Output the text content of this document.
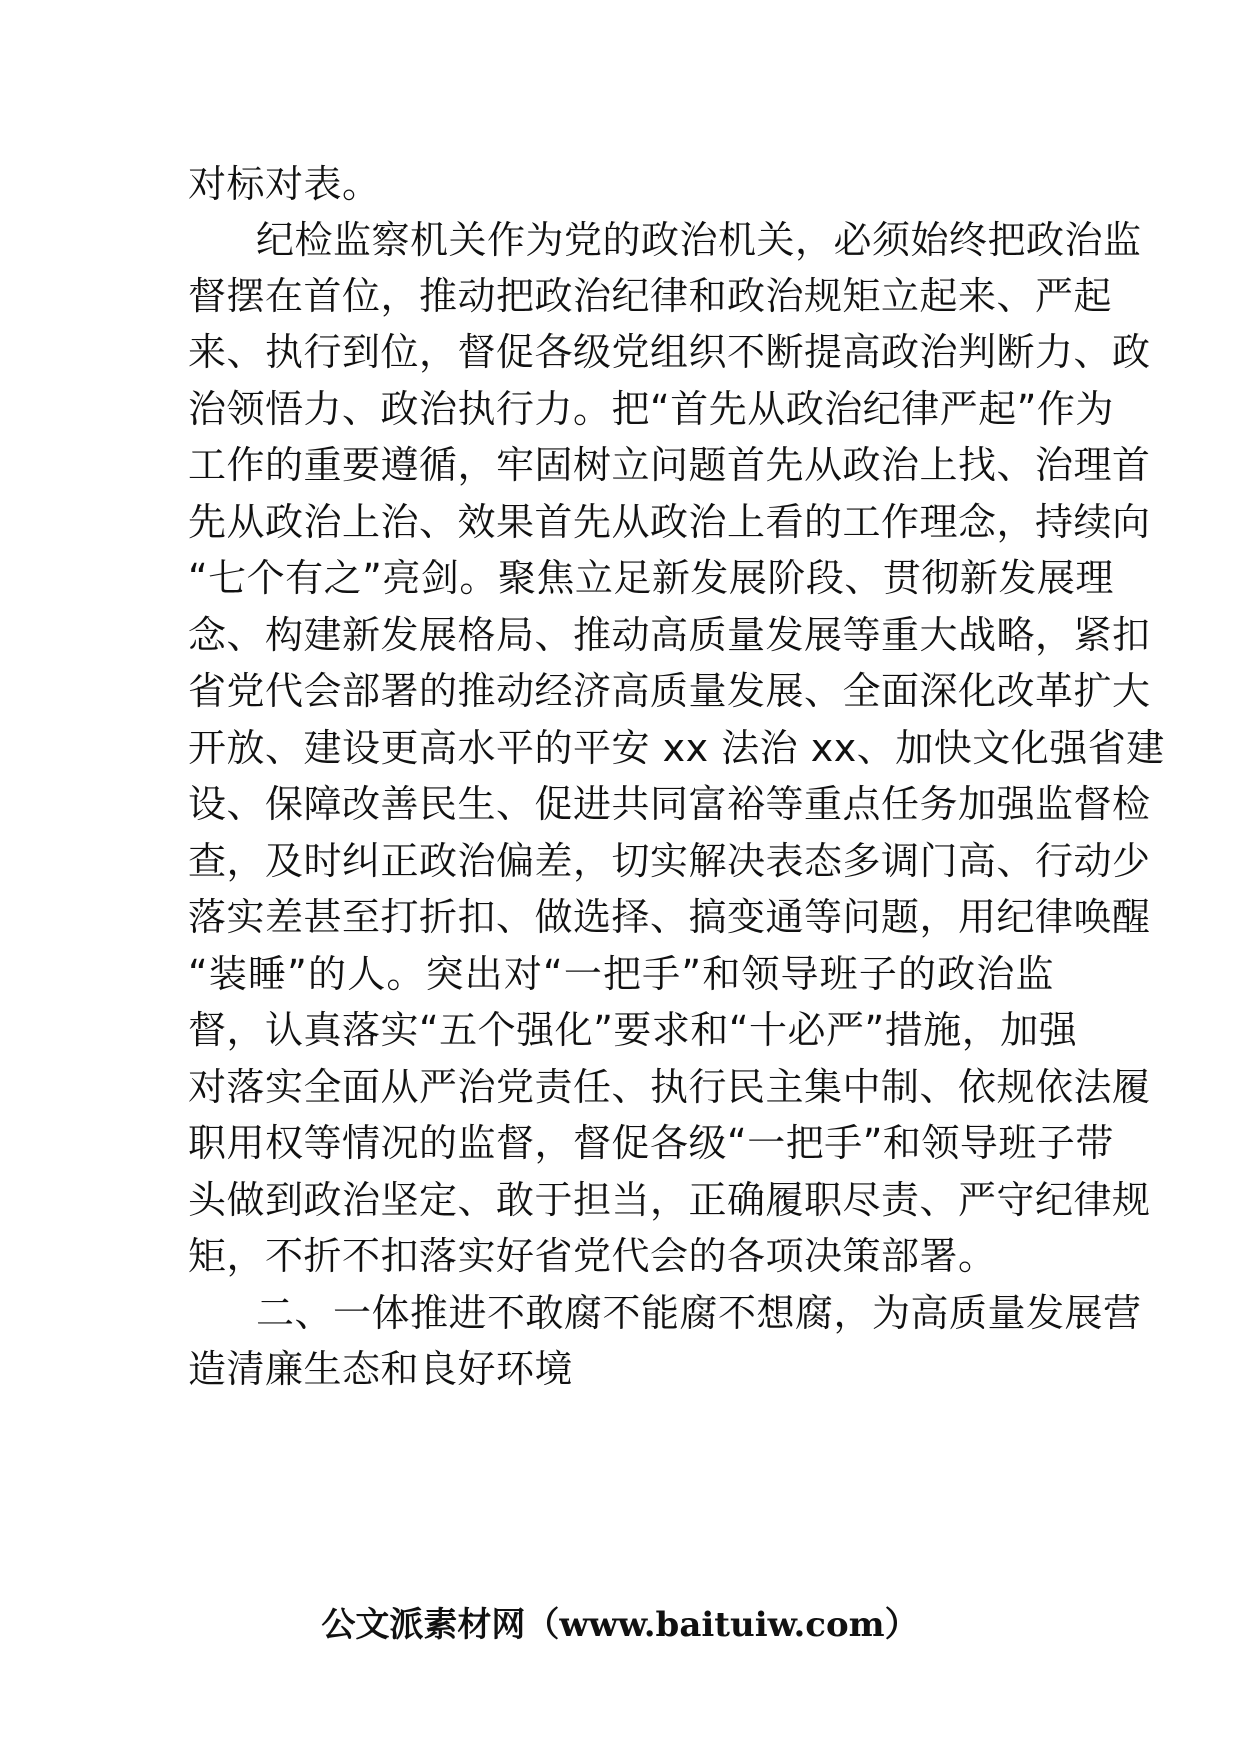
对标对表。
纪检监察机关作为党的政治机关，必须始终把政治监
督摆在首位，推动把政治纪律和政治规矩立起来、严起
来、执行到位，督促各级党组织不断提高政治判断力、政
治领悟力、政治执行力。把“首先从政治纪律严起”作为
工作的重要遵循，牢固树立问题首先从政治上找、治理首
先从政治上治、效果首先从政治上看的工作理念，持续向
“七个有之”亮剑。聚焦立足新发展阶段、贯彻新发展理
念、构建新发展格局、推动高质量发展等重大战略，紧扣
省党代会部署的推动经济高质量发展、全面深化改革扩大
开放、建设更高水平的平安 xx 法治 xx、加快文化强省建
设、保障改善民生、促进共同富裕等重点任务加强监督检
查，及时纠正政治偏差，切实解决表态多调门高、行动少
落实差甚至打折扣、做选择、搞变通等问题，用纪律唤醒
“装睡”的人。突出对“一把手”和领导班子的政治监
督，认真落实“五个强化”要求和“十必严”措施，加强
对落实全面从严治党责任、执行民主集中制、依规依法履
职用权等情况的监督，督促各级“一把手”和领导班子带
头做到政治坚定、敢于担当，正确履职尽责、严守纪律规
矩，不折不扣落实好省党代会的各项决策部署。
二、一体推进不敢腐不能腐不想腐，为高质量发展营
造清廉生态和良好环境
公文派素材网（www.baituiw.com）
